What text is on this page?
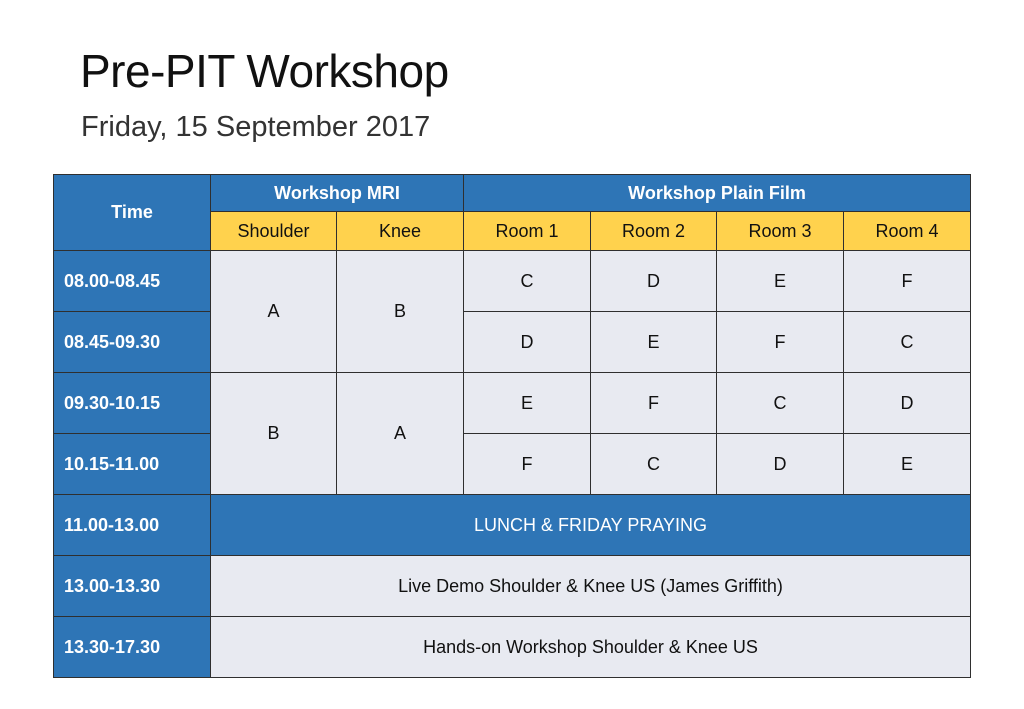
Pre-PIT Workshop
Friday, 15 September 2017
Time	Workshop MRI		Workshop Plain Film			
	Shoulder	Knee	Room 1	Room 2	Room 3	Room 4
08.00-08.45	A	B	C	D	E	F
08.45-09.30			D	E	F	C
09.30-10.15	B	A	E	F	C	D
10.15-11.00			F	C	D	E
11.00-13.00	LUNCH & FRIDAY PRAYING					
13.00-13.30	Live Demo Shoulder & Knee US (James Griffith)					
13.30-17.30	Hands-on Workshop Shoulder & Knee US					
